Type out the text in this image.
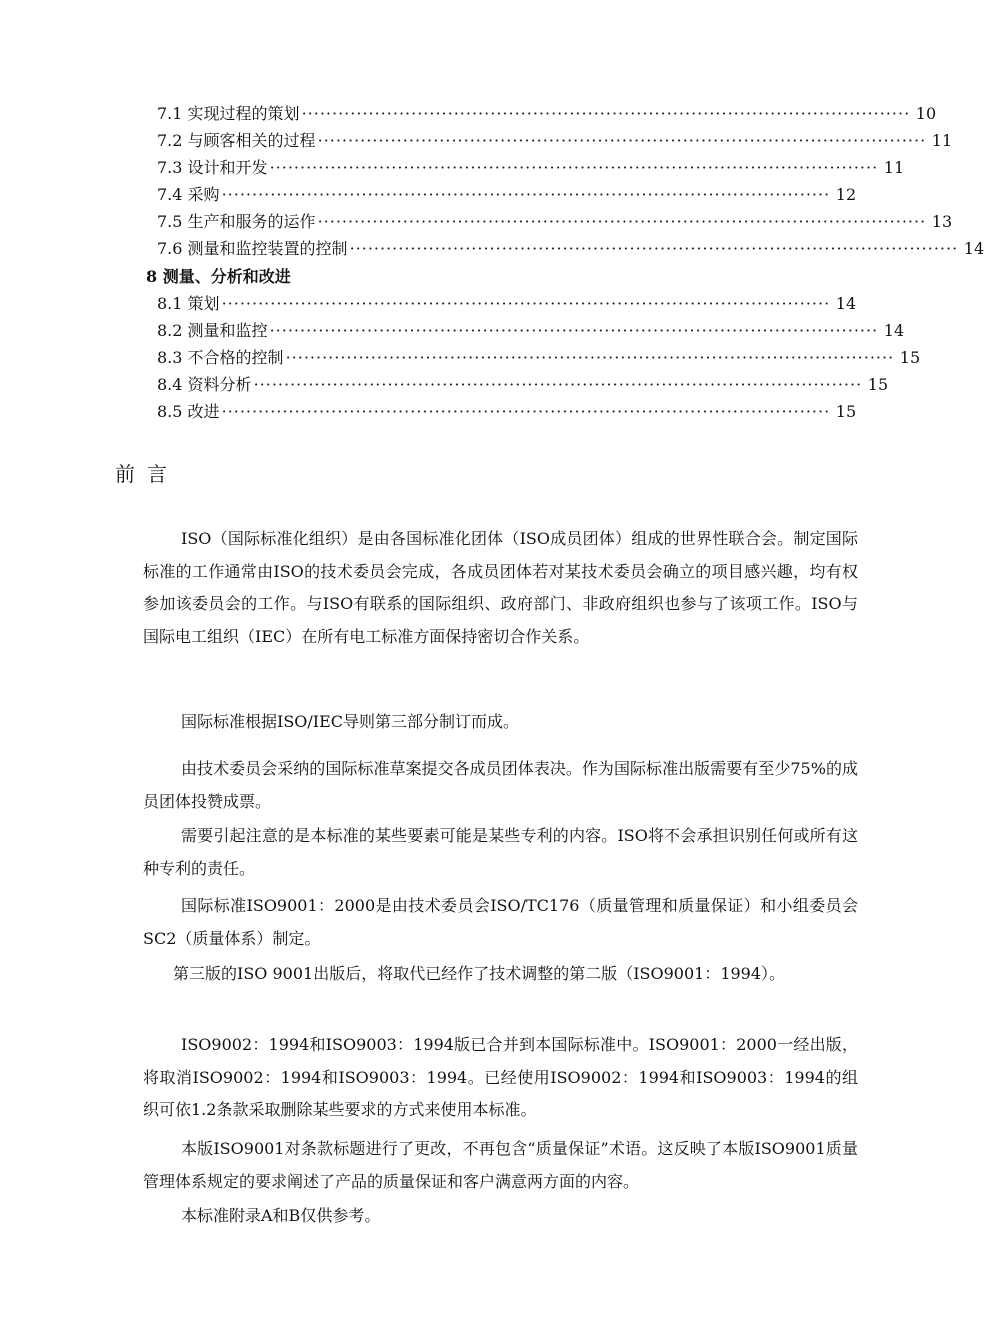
7.1
实现过程的策划 ···································································································· 10
7.2
与顾客相关的过程 ···································································································· 11
7.3
设计和开发 ···································································································· 11
7.4
采购 ···································································································· 12
7.5
生产和服务的运作 ···································································································· 13
7.6
测量和监控装置的控制 ···································································································· 14
8 测量、分析和改进
8.1
策划 ···································································································· 14
8.2
测量和监控 ···································································································· 14
8.3
不合格的控制 ···································································································· 15
8.4
资料分析 ···································································································· 15
8.5
改进 ···································································································· 15
前言

ISO（国际标准化组织）是由各国标准化团体（ISO成员团体）组成的世界性联合会。制定国际标准的工作通常由ISO的技术委员会完成，各成员团体若对某技术委员会确立的项目感兴趣，均有权参加该委员会的工作。与ISO有联系的国际组织、政府部门、非政府组织也参与了该项工作。ISO与国际电工组织（IEC）在所有电工标准方面保持密切合作关系。

国际标准根据ISO/IEC导则第三部分制订而成。

由技术委员会采纳的国际标准草案提交各成员团体表决。作为国际标准出版需要有至少75%的成员团体投赞成票。

需要引起注意的是本标准的某些要素可能是某些专利的内容。ISO将不会承担识别任何或所有这种专利的责任。

国际标准ISO9001：2000是由技术委员会ISO/TC176（质量管理和质量保证）和小组委员会SC2（质量体系）制定。

第三版的ISO 9001出版后，将取代已经作了技术调整的第二版（ISO9001：1994）。

ISO9002：1994和ISO9003：1994版已合并到本国际标准中。ISO9001：2000一经出版，将取消ISO9002：1994和ISO9003：1994。已经使用ISO9002：1994和ISO9003：1994的组织可依1.2条款采取删除某些要求的方式来使用本标准。

本版ISO9001对条款标题进行了更改，不再包含“质量保证”术语。这反映了本版ISO9001质量管理体系规定的要求阐述了产品的质量保证和客户满意两方面的内容。

本标准附录A和B仅供参考。
